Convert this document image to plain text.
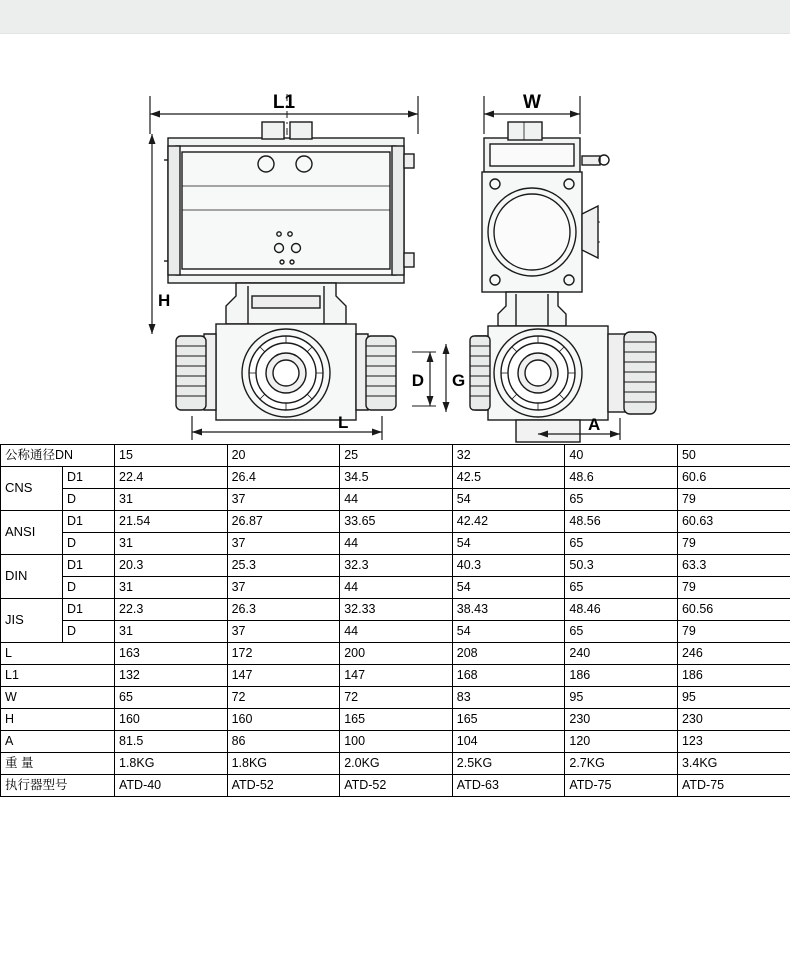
L1
H
L
D G
W
A
公称通径DN		15	20	25	32	40	50
CNS	D1	22.4	26.4	34.5	42.5	48.6	60.6
	D	31	37	44	54	65	79
ANSI	D1	21.54	26.87	33.65	42.42	48.56	60.63
	D	31	37	44	54	65	79
DIN	D1	20.3	25.3	32.3	40.3	50.3	63.3
	D	31	37	44	54	65	79
JIS	D1	22.3	26.3	32.33	38.43	48.46	60.56
	D	31	37	44	54	65	79
L		163	172	200	208	240	246
L1		132	147	147	168	186	186
W		65	72	72	83	95	95
H		160	160	165	165	230	230
A		81.5	86	100	104	120	123
重 量		1.8KG	1.8KG	2.0KG	2.5KG	2.7KG	3.4KG
执行器型号		ATD-40	ATD-52	ATD-52	ATD-63	ATD-75	ATD-75
